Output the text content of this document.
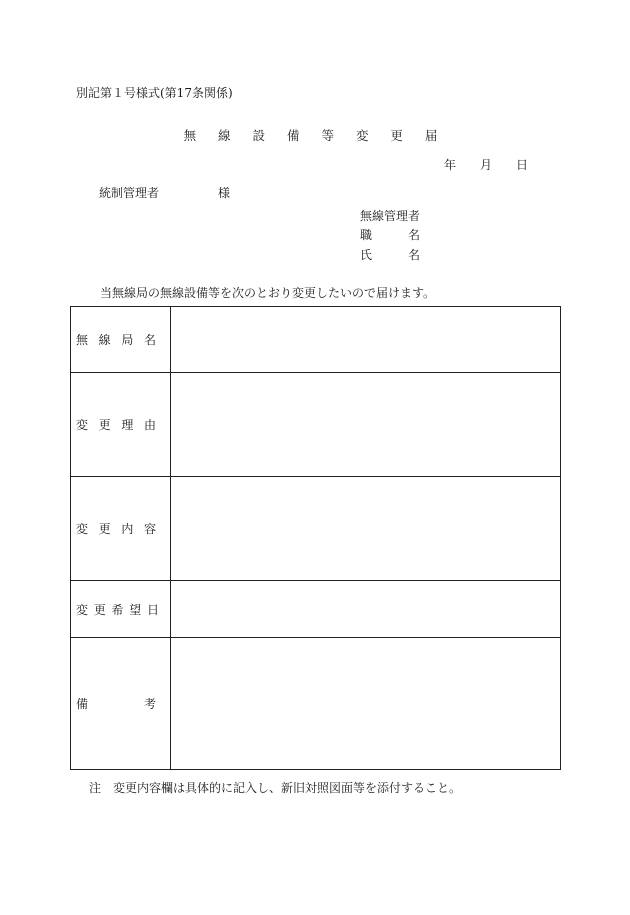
別記第１号様式(第17条関係)
無 線 設 備 等 変 更 届
年 月 日
統制管理者	様
無線管理者
職	名
氏	名
当無線局の無線設備等を次のとおり変更したいので届けます。
無 線 局 名	

変 更 理 由	

変 更 内 容	

変 更 希 望 日	

備 考	

注　変更内容欄は具体的に記入し、新旧対照図面等を添付すること。
